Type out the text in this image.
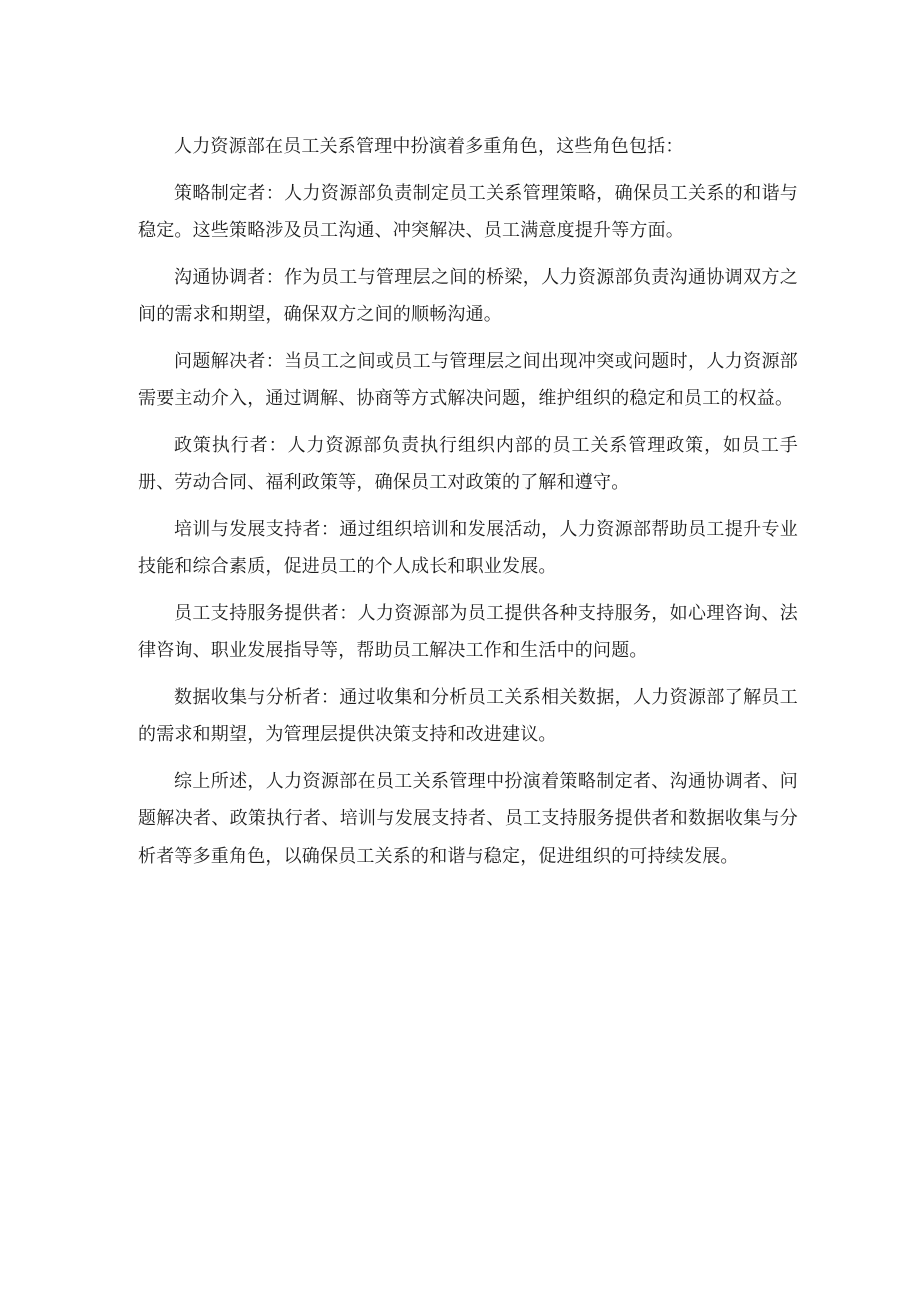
人力资源部在员工关系管理中扮演着多重角色，这些角色包括：

策略制定者：人力资源部负责制定员工关系管理策略，确保员工关系的和谐与稳定。这些策略涉及员工沟通、冲突解决、员工满意度提升等方面。

沟通协调者：作为员工与管理层之间的桥梁，人力资源部负责沟通协调双方之间的需求和期望，确保双方之间的顺畅沟通。

问题解决者：当员工之间或员工与管理层之间出现冲突或问题时，人力资源部需要主动介入，通过调解、协商等方式解决问题，维护组织的稳定和员工的权益。

政策执行者：人力资源部负责执行组织内部的员工关系管理政策，如员工手册、劳动合同、福利政策等，确保员工对政策的了解和遵守。

培训与发展支持者：通过组织培训和发展活动，人力资源部帮助员工提升专业技能和综合素质，促进员工的个人成长和职业发展。

员工支持服务提供者：人力资源部为员工提供各种支持服务，如心理咨询、法律咨询、职业发展指导等，帮助员工解决工作和生活中的问题。

数据收集与分析者：通过收集和分析员工关系相关数据，人力资源部了解员工的需求和期望，为管理层提供决策支持和改进建议。

综上所述，人力资源部在员工关系管理中扮演着策略制定者、沟通协调者、问题解决者、政策执行者、培训与发展支持者、员工支持服务提供者和数据收集与分析者等多重角色，以确保员工关系的和谐与稳定，促进组织的可持续发展。
